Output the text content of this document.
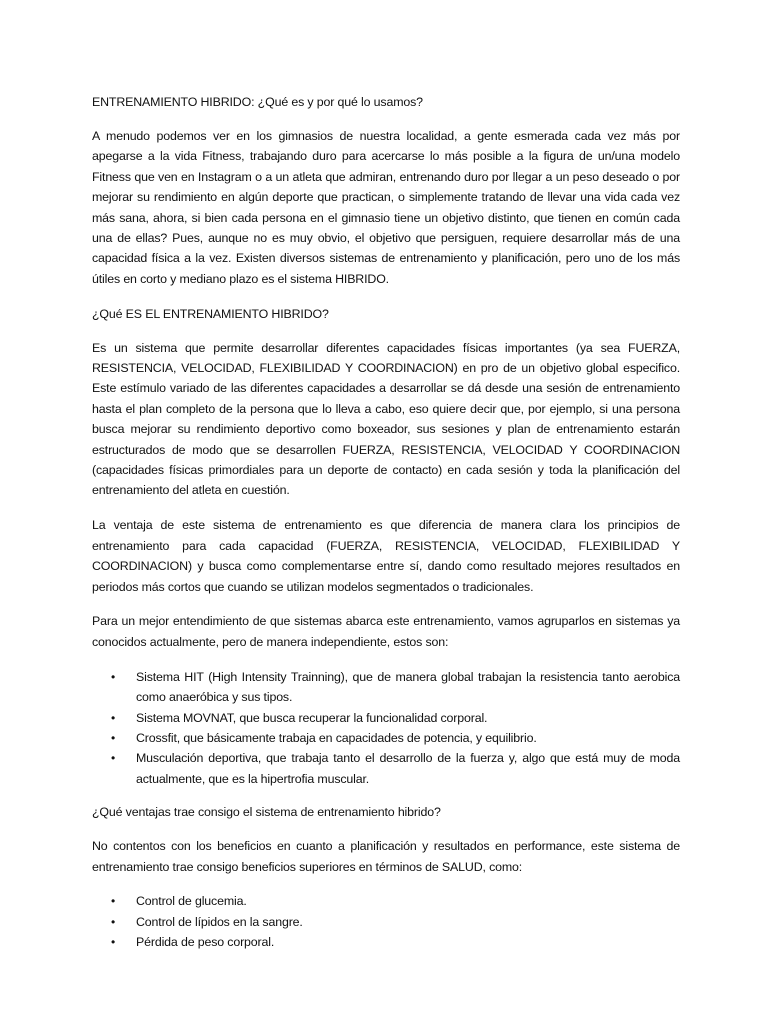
ENTRENAMIENTO HIBRIDO: ¿Qué es y por qué lo usamos?

A menudo podemos ver en los gimnasios de nuestra localidad, a gente esmerada cada vez más por apegarse a la vida Fitness, trabajando duro para acercarse lo más posible a la figura de un/una modelo Fitness que ven en Instagram o a un atleta que admiran, entrenando duro por llegar a un peso deseado o por mejorar su rendimiento en algún deporte que practican, o simplemente tratando de llevar una vida cada vez más sana, ahora, si bien cada persona en el gimnasio tiene un objetivo distinto, que tienen en común cada una de ellas? Pues, aunque no es muy obvio, el objetivo que persiguen, requiere desarrollar más de una capacidad física a la vez. Existen diversos sistemas de entrenamiento y planificación, pero uno de los más útiles en corto y mediano plazo es el sistema HIBRIDO.

¿Qué ES EL ENTRENAMIENTO HIBRIDO?

Es un sistema que permite desarrollar diferentes capacidades físicas importantes (ya sea FUERZA, RESISTENCIA, VELOCIDAD, FLEXIBILIDAD Y COORDINACION) en pro de un objetivo global especifico. Este estímulo variado de las diferentes capacidades a desarrollar se dá desde una sesión de entrenamiento hasta el plan completo de la persona que lo lleva a cabo, eso quiere decir que, por ejemplo, si una persona busca mejorar su rendimiento deportivo como boxeador, sus sesiones y plan de entrenamiento estarán estructurados de modo que se desarrollen FUERZA, RESISTENCIA, VELOCIDAD Y COORDINACION (capacidades físicas primordiales para un deporte de contacto) en cada sesión y toda la planificación del entrenamiento del atleta en cuestión.

La ventaja de este sistema de entrenamiento es que diferencia de manera clara los principios de entrenamiento para cada capacidad (FUERZA, RESISTENCIA, VELOCIDAD, FLEXIBILIDAD Y COORDINACION) y busca como complementarse entre sí, dando como resultado mejores resultados en periodos más cortos que cuando se utilizan modelos segmentados o tradicionales.

Para un mejor entendimiento de que sistemas abarca este entrenamiento, vamos agruparlos en sistemas ya conocidos actualmente, pero de manera independiente, estos son:

• Sistema HIT (High Intensity Trainning), que de manera global trabajan la resistencia tanto aerobica como anaeróbica y sus tipos.
• Sistema MOVNAT, que busca recuperar la funcionalidad corporal.
• Crossfit, que básicamente trabaja en capacidades de potencia, y equilibrio.
• Musculación deportiva, que trabaja tanto el desarrollo de la fuerza y, algo que está muy de moda actualmente, que es la hipertrofia muscular.

¿Qué ventajas trae consigo el sistema de entrenamiento hibrido?

No contentos con los beneficios en cuanto a planificación y resultados en performance, este sistema de entrenamiento trae consigo beneficios superiores en términos de SALUD, como:

• Control de glucemia.
• Control de lípidos en la sangre.
• Pérdida de peso corporal.
